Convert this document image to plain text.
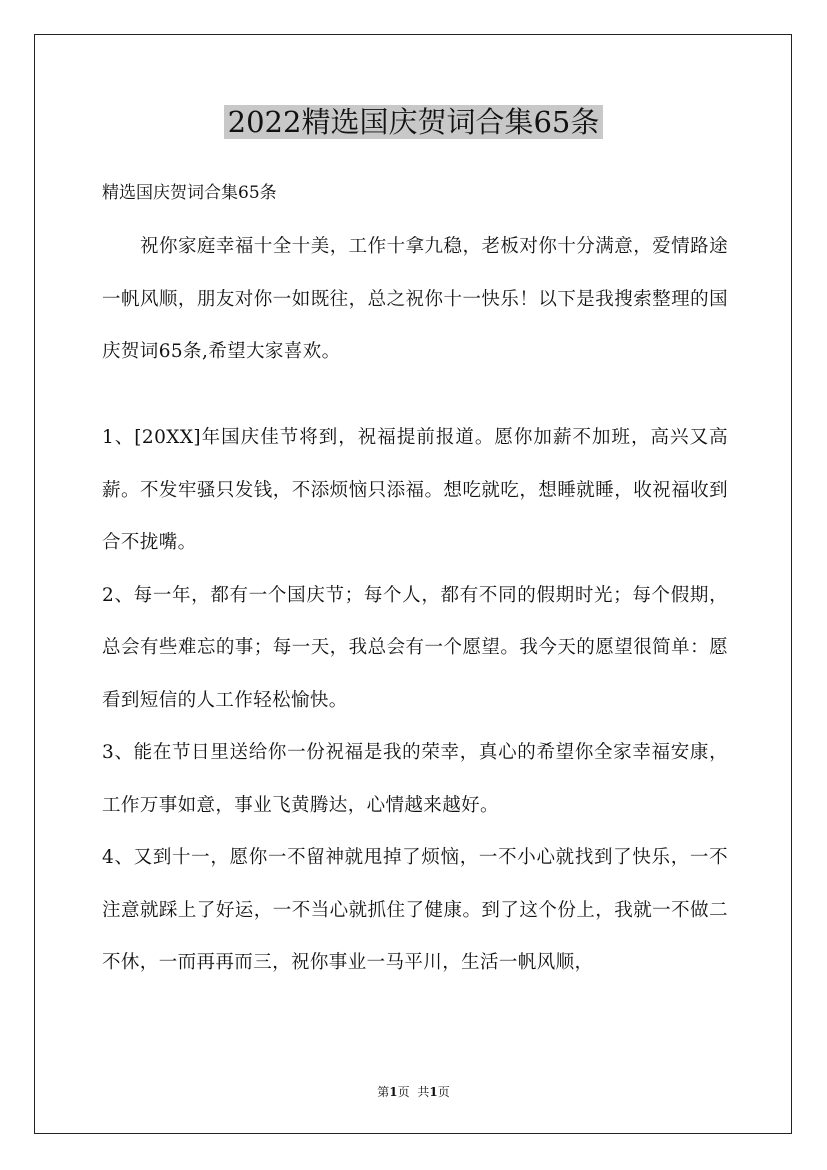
2022精选国庆贺词合集65条

精选国庆贺词合集65条

祝你家庭幸福十全十美，工作十拿九稳，老板对你十分满意，爱情路途一帆风顺，朋友对你一如既往，总之祝你十一快乐！以下是我搜索整理的国庆贺词65条,希望大家喜欢。

1、[20XX]年国庆佳节将到，祝福提前报道。愿你加薪不加班，高兴又高薪。不发牢骚只发钱，不添烦恼只添福。想吃就吃，想睡就睡，收祝福收到合不拢嘴。

2、每一年，都有一个国庆节；每个人，都有不同的假期时光；每个假期，总会有些难忘的事；每一天，我总会有一个愿望。我今天的愿望很简单：愿看到短信的人工作轻松愉快。

3、能在节日里送给你一份祝福是我的荣幸，真心的希望你全家幸福安康，工作万事如意，事业飞黄腾达，心情越来越好。

4、又到十一，愿你一不留神就甩掉了烦恼，一不小心就找到了快乐，一不注意就踩上了好运，一不当心就抓住了健康。到了这个份上，我就一不做二不休，一而再再而三，祝你事业一马平川，生活一帆风顺，

第1页 共1页
